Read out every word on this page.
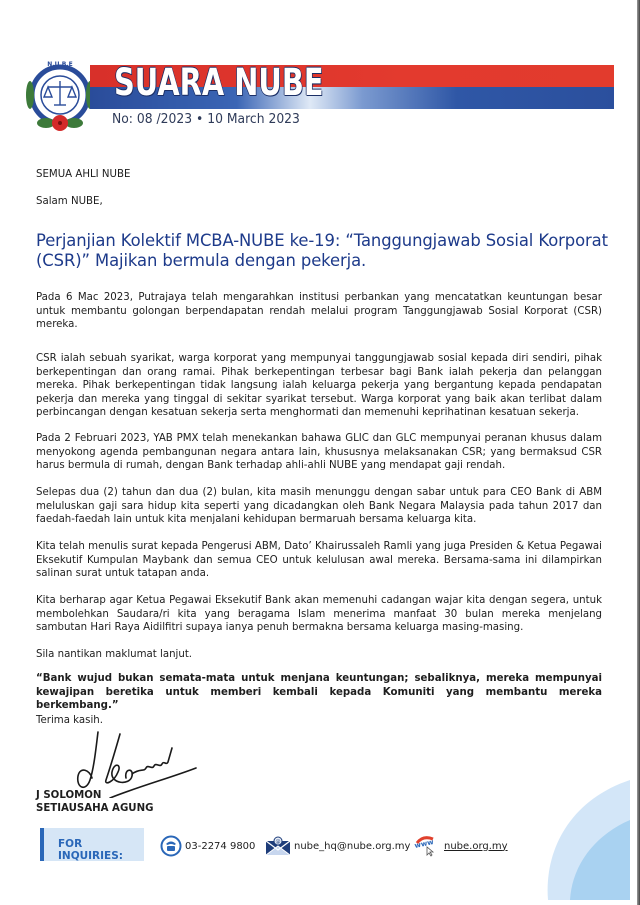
N.U.B.E SUARA NUBE
No: 08 /2023 • 10 March 2023
SEMUA AHLI NUBE
Salam NUBE,
Perjanjian Kolektif MCBA-NUBE ke-19: “Tanggungjawab Sosial Korporat (CSR)” Majikan bermula dengan pekerja.
Pada 6 Mac 2023, Putrajaya telah mengarahkan institusi perbankan yang mencatatkan keuntungan besar untuk membantu golongan berpendapatan rendah melalui program Tanggungjawab Sosial Korporat (CSR) mereka.
CSR ialah sebuah syarikat, warga korporat yang mempunyai tanggungjawab sosial kepada diri sendiri, pihak berkepentingan dan orang ramai. Pihak berkepentingan terbesar bagi Bank ialah pekerja dan pelanggan mereka. Pihak berkepentingan tidak langsung ialah keluarga pekerja yang bergantung kepada pendapatan pekerja dan mereka yang tinggal di sekitar syarikat tersebut. Warga korporat yang baik akan terlibat dalam perbincangan dengan kesatuan sekerja serta menghormati dan memenuhi keprihatinan kesatuan sekerja.
Pada 2 Februari 2023, YAB PMX telah menekankan bahawa GLIC dan GLC mempunyai peranan khusus dalam menyokong agenda pembangunan negara antara lain, khususnya melaksanakan CSR; yang bermaksud CSR harus bermula di rumah, dengan Bank terhadap ahli-ahli NUBE yang mendapat gaji rendah.
Selepas dua (2) tahun dan dua (2) bulan, kita masih menunggu dengan sabar untuk para CEO Bank di ABM meluluskan gaji sara hidup kita seperti yang dicadangkan oleh Bank Negara Malaysia pada tahun 2017 dan faedah-faedah lain untuk kita menjalani kehidupan bermaruah bersama keluarga kita.
Kita telah menulis surat kepada Pengerusi ABM, Dato’ Khairussaleh Ramli yang juga Presiden & Ketua Pegawai Eksekutif Kumpulan Maybank dan semua CEO untuk kelulusan awal mereka. Bersama-sama ini dilampirkan salinan surat untuk tatapan anda.
Kita berharap agar Ketua Pegawai Eksekutif Bank akan memenuhi cadangan wajar kita dengan segera, untuk membolehkan Saudara/ri kita yang beragama Islam menerima manfaat 30 bulan mereka menjelang sambutan Hari Raya Aidilfitri supaya ianya penuh bermakna bersama keluarga masing-masing.
Sila nantikan maklumat lanjut.
“Bank wujud bukan semata-mata untuk menjana keuntungan; sebaliknya, mereka mempunyai kewajipan beretika untuk memberi kembali kepada Komuniti yang membantu mereka berkembang.”
Terima kasih.
J SOLOMON
SETIAUSAHA AGUNG
FOR INQUIRIES:
03-2274 9800	@ nube_hq@nube.org.my www nube.org.my
